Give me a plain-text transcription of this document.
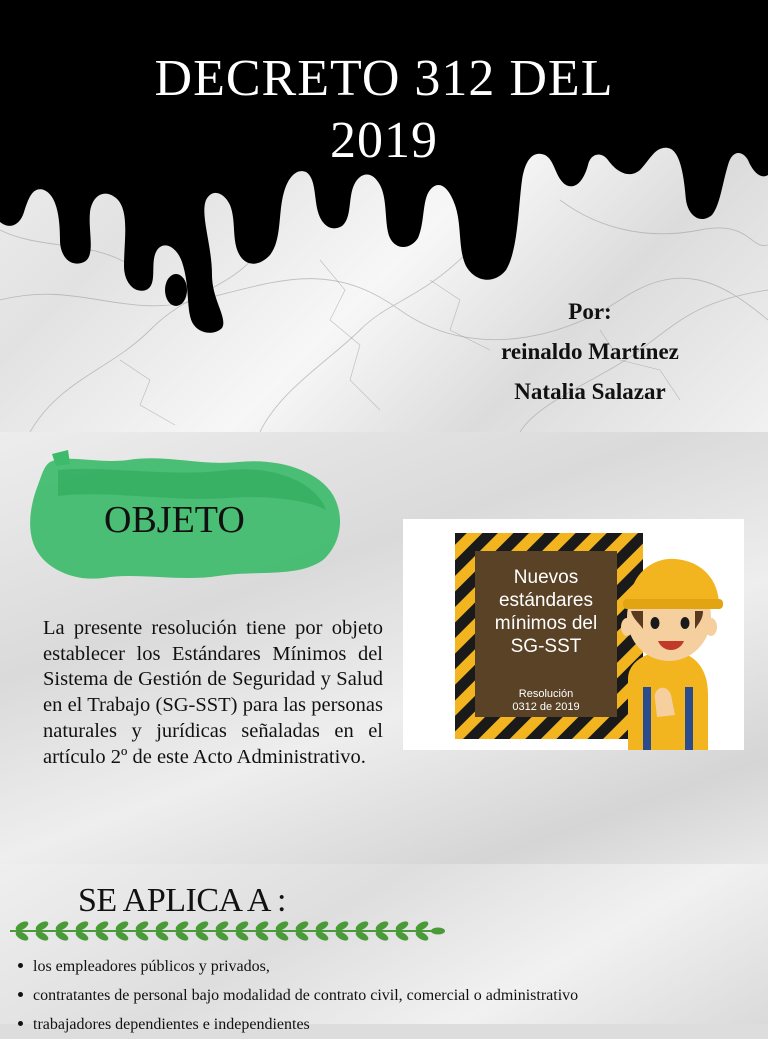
DECRETO 312 DEL
2019
Por:
reinaldo Martínez
Natalia Salazar
OBJETO

La presente resolución tiene por objeto establecer los Estándares Mínimos del Sistema de Gestión de Seguridad y Salud en el Trabajo (SG-SST) para las personas naturales y jurídicas señaladas en el artículo 2º de este Acto Administrativo.

Nuevos
estándares
mínimos del
SG-SST
Resolución
0312 de 2019
SE APLICA A :
los empleadores públicos y privados,
contratantes de personal bajo modalidad de contrato civil, comercial o administrativo
trabajadores dependientes e independientes
